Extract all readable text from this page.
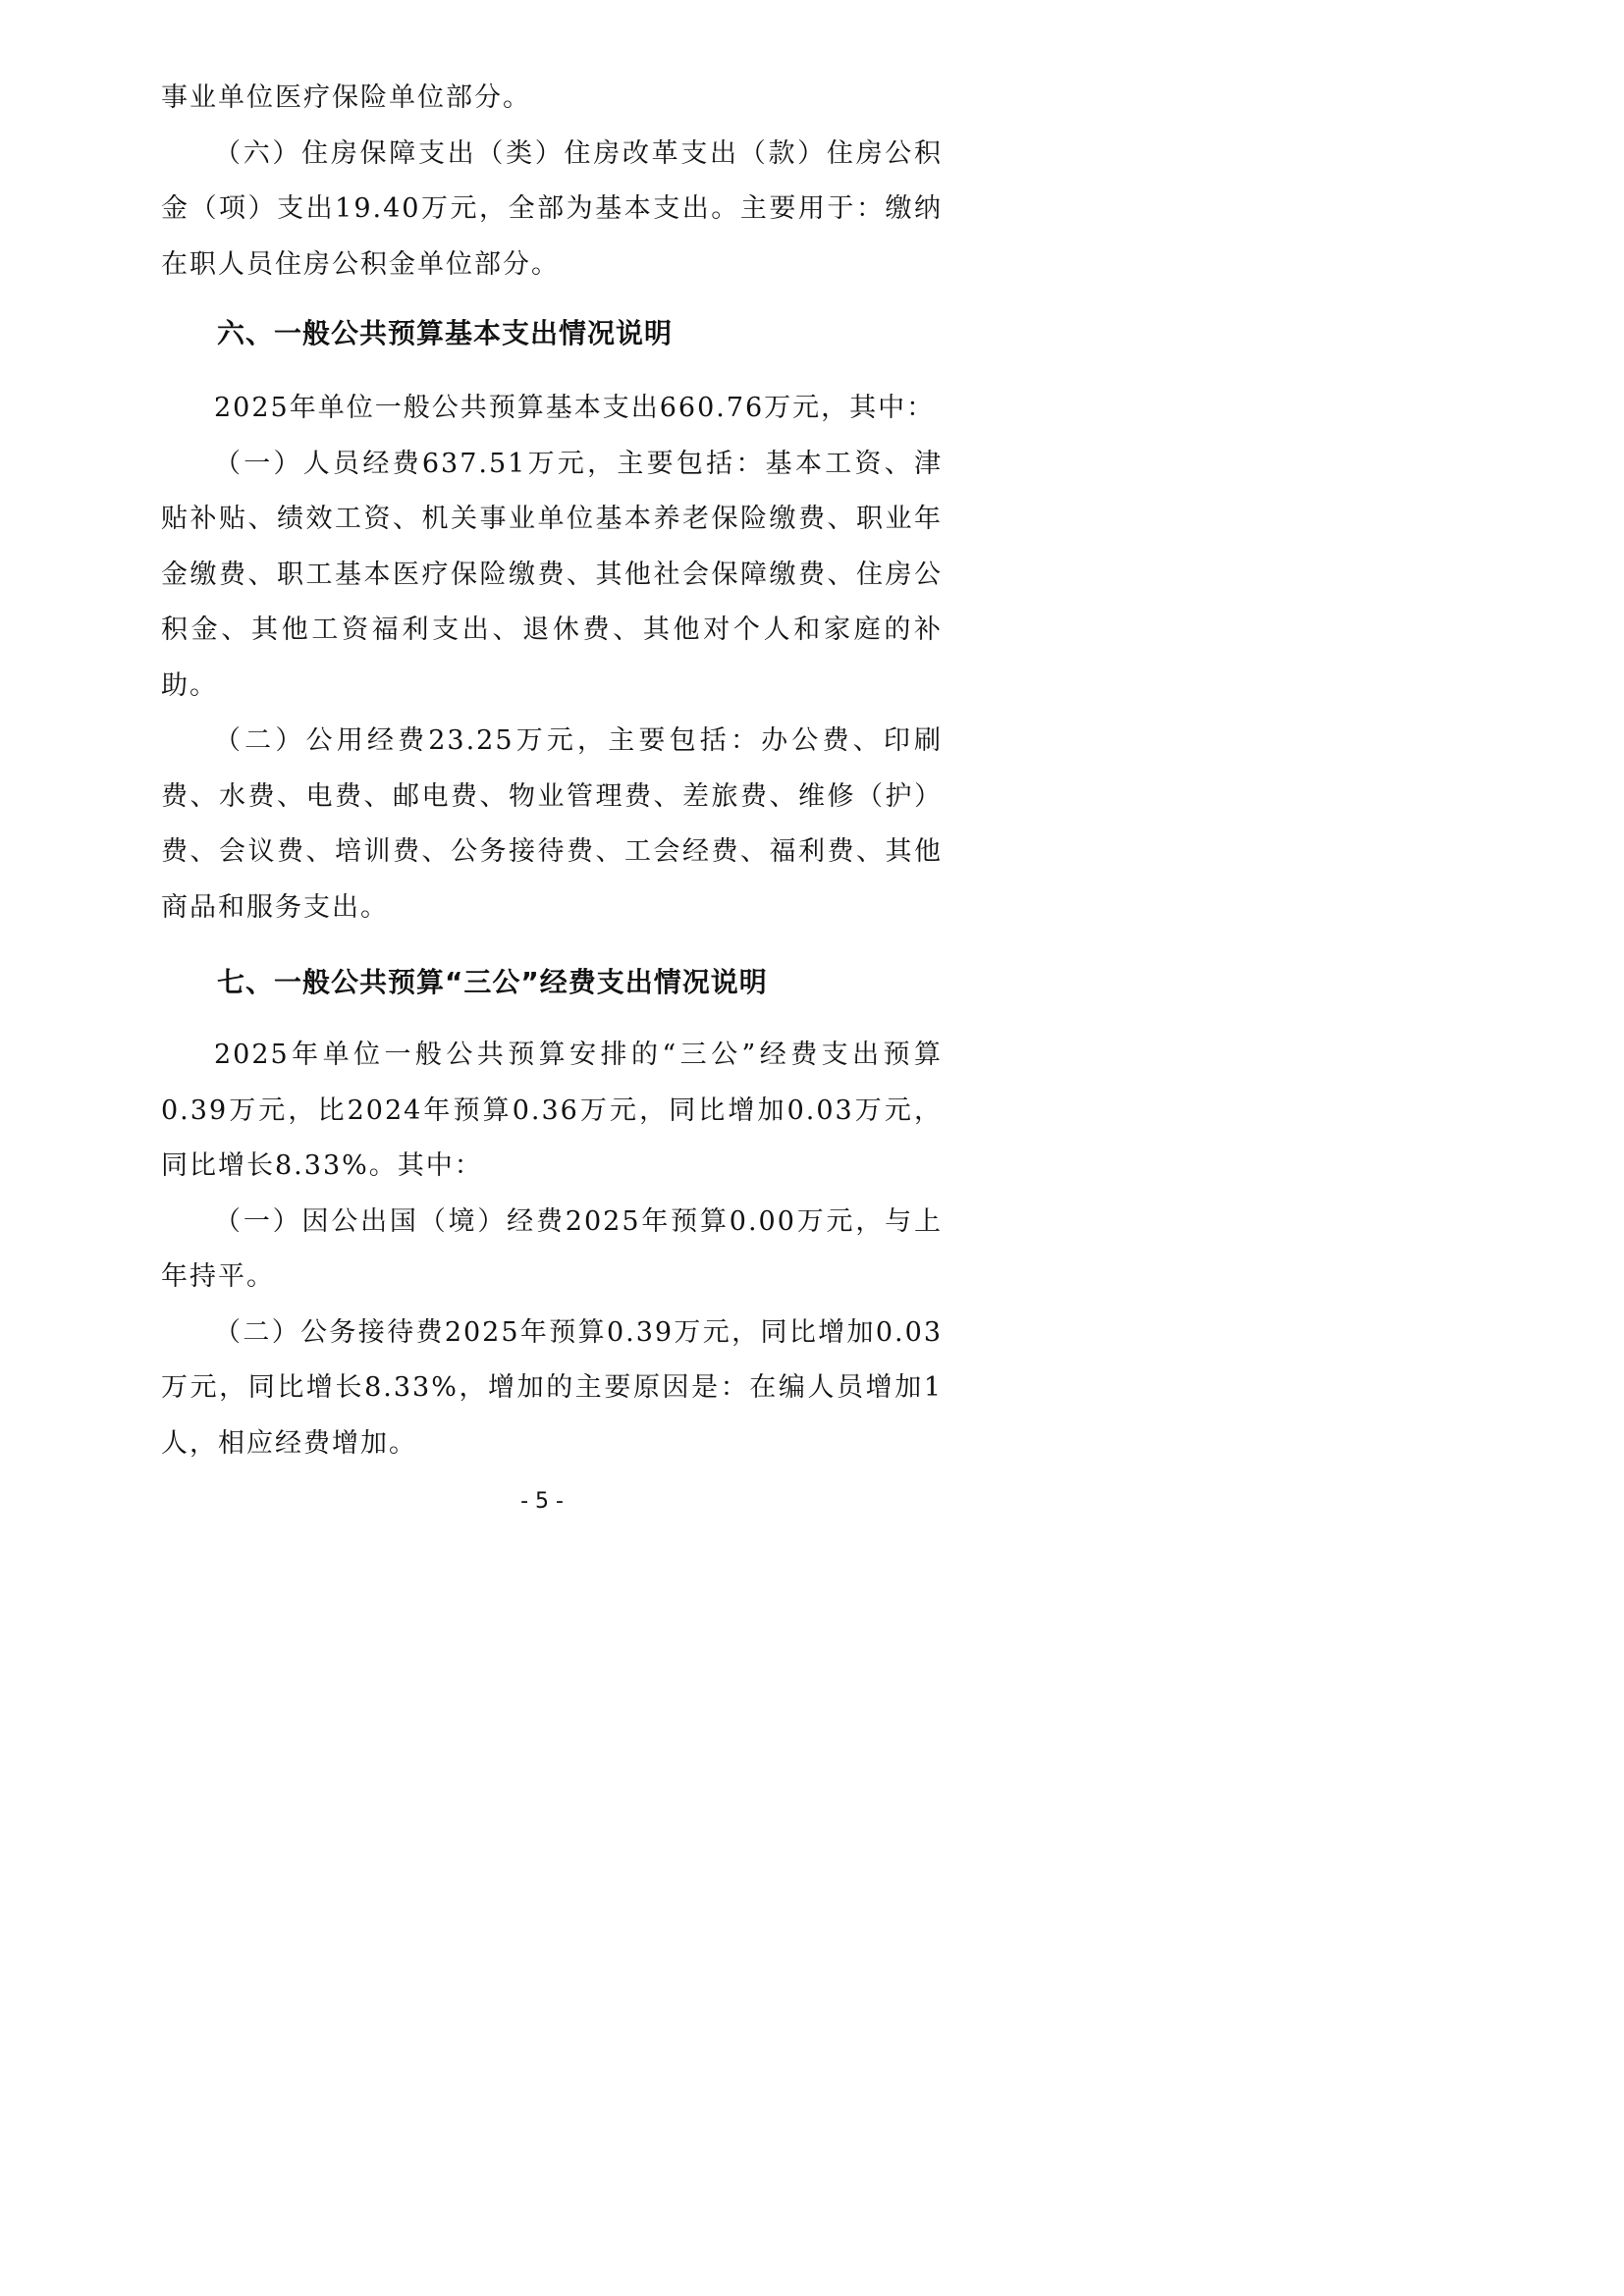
事业单位医疗保险单位部分。

（六）住房保障支出（类）住房改革支出（款）住房公积金（项）支出19.40万元，全部为基本支出。主要用于：缴纳在职人员住房公积金单位部分。

六、一般公共预算基本支出情况说明

2025年单位一般公共预算基本支出660.76万元，其中：

（一）人员经费637.51万元，主要包括：基本工资、津贴补贴、绩效工资、机关事业单位基本养老保险缴费、职业年金缴费、职工基本医疗保险缴费、其他社会保障缴费、住房公积金、其他工资福利支出、退休费、其他对个人和家庭的补助。

（二）公用经费23.25万元，主要包括：办公费、印刷费、水费、电费、邮电费、物业管理费、差旅费、维修（护）费、会议费、培训费、公务接待费、工会经费、福利费、其他商品和服务支出。

七、一般公共预算“三公”经费支出情况说明

2025年单位一般公共预算安排的“三公”经费支出预算0.39万元，比2024年预算0.36万元，同比增加0.03万元，同比增长8.33%。其中：

（一）因公出国（境）经费2025年预算0.00万元，与上年持平。

（二）公务接待费2025年预算0.39万元，同比增加0.03万元，同比增长8.33%，增加的主要原因是：在编人员增加1人，相应经费增加。

- 5 -
